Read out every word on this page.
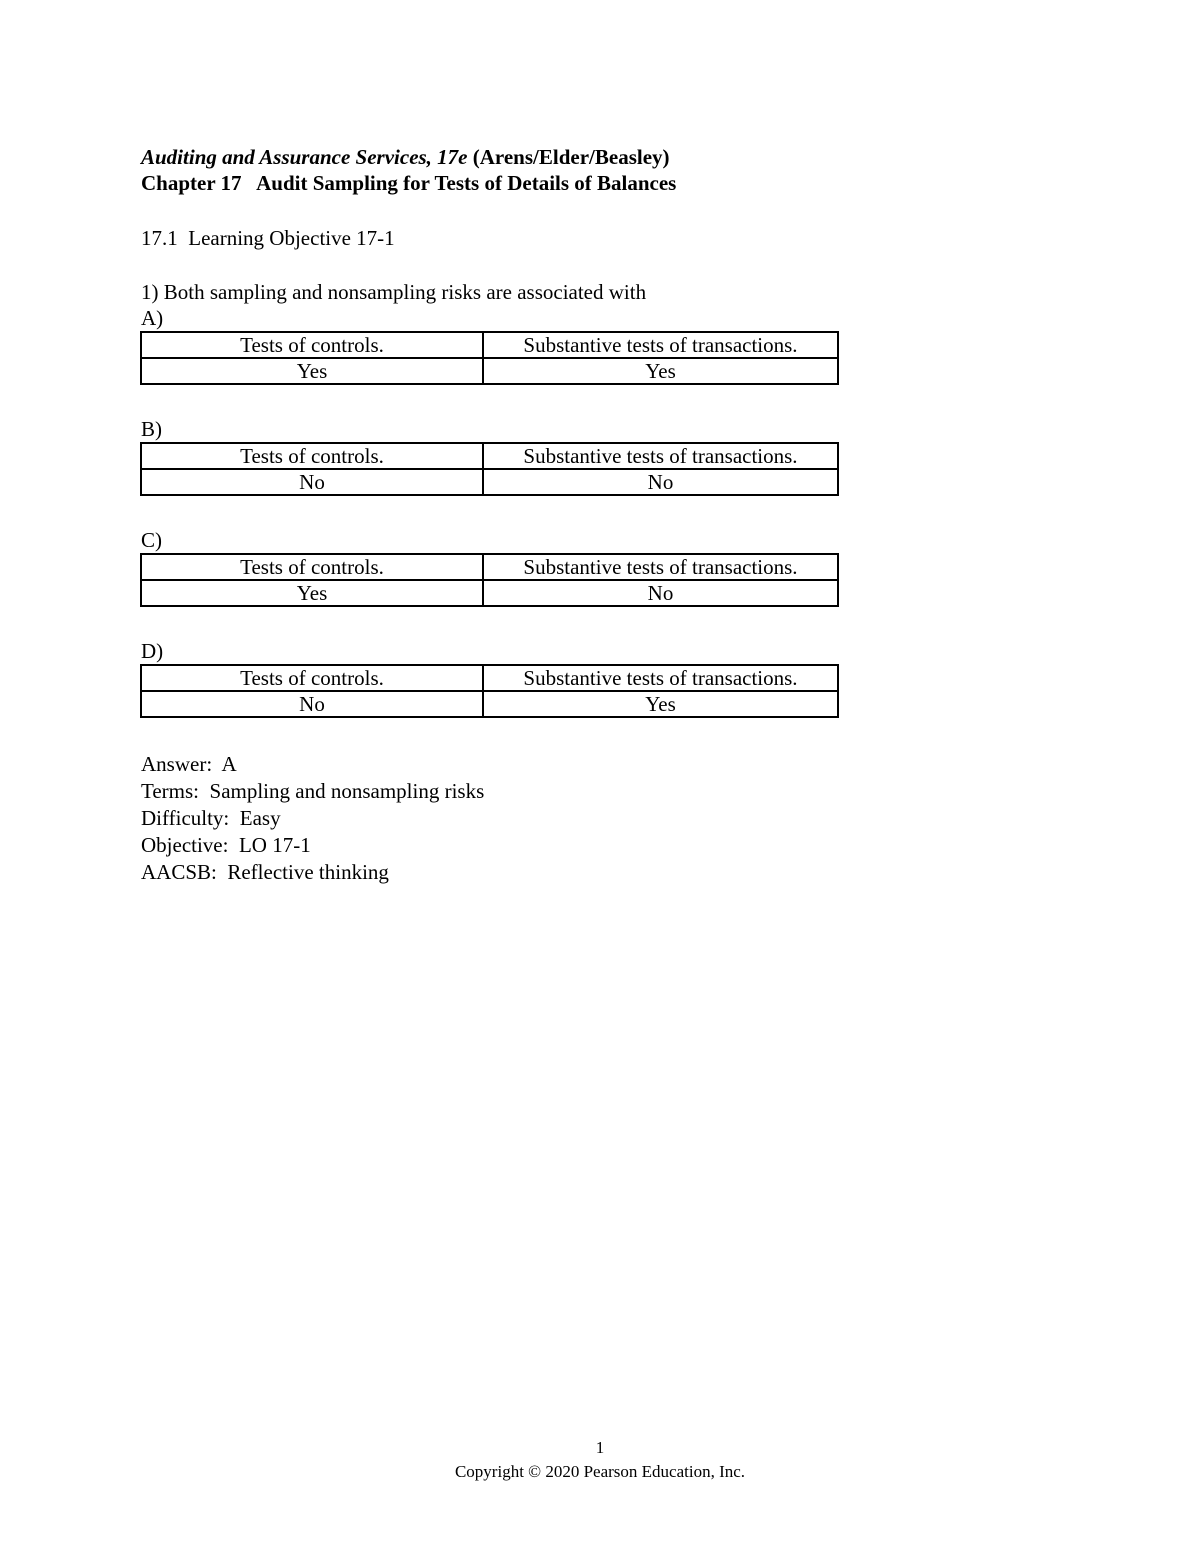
Auditing and Assurance Services, 17e (Arens/Elder/Beasley)
Chapter 17   Audit Sampling for Tests of Details of Balances
17.1  Learning Objective 17-1
1) Both sampling and nonsampling risks are associated with
A)
Tests of controls.	Substantive tests of transactions.
Yes	Yes
B)
Tests of controls.	Substantive tests of transactions.
No	No
C)
Tests of controls.	Substantive tests of transactions.
Yes	No
D)
Tests of controls.	Substantive tests of transactions.
No	Yes
Answer:  A
Terms:  Sampling and nonsampling risks
Difficulty:  Easy
Objective:  LO 17-1
AACSB:  Reflective thinking
1
Copyright © 2020 Pearson Education, Inc.
